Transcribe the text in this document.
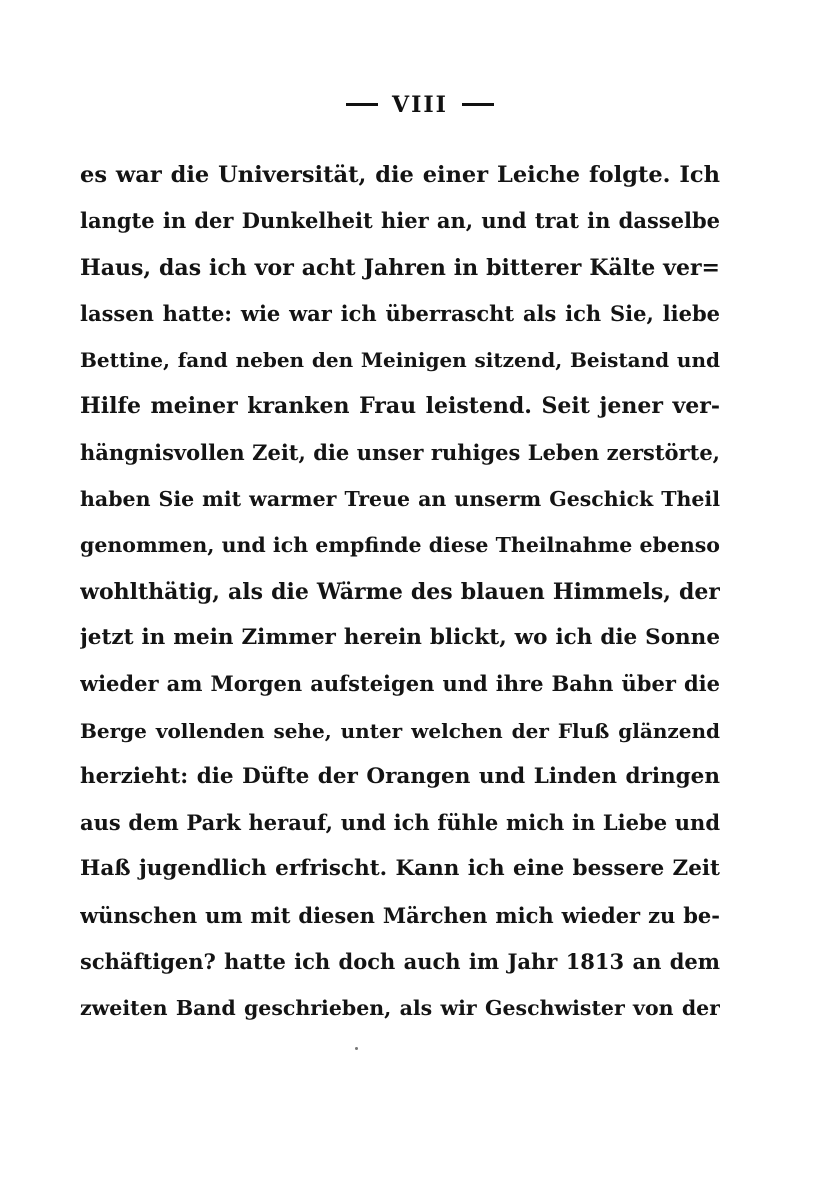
VIII
es war die Universität, die einer Leiche folgte. Ich
langte in der Dunkelheit hier an, und trat in dasselbe
Haus, das ich vor acht Jahren in bitterer Kälte ver=
lassen hatte: wie war ich überrascht als ich Sie, liebe
Bettine, fand neben den Meinigen sitzend, Beistand und
Hilfe meiner kranken Frau leistend. Seit jener ver-
hängnisvollen Zeit, die unser ruhiges Leben zerstörte,
haben Sie mit warmer Treue an unserm Geschick Theil
genommen, und ich empfinde diese Theilnahme ebenso
wohlthätig, als die Wärme des blauen Himmels, der
jetzt in mein Zimmer herein blickt, wo ich die Sonne
wieder am Morgen aufsteigen und ihre Bahn über die
Berge vollenden sehe, unter welchen der Fluß glänzend
herzieht: die Düfte der Orangen und Linden dringen
aus dem Park herauf, und ich fühle mich in Liebe und
Haß jugendlich erfrischt. Kann ich eine bessere Zeit
wünschen um mit diesen Märchen mich wieder zu be-
schäftigen? hatte ich doch auch im Jahr 1813 an dem
zweiten Band geschrieben, als wir Geschwister von der
